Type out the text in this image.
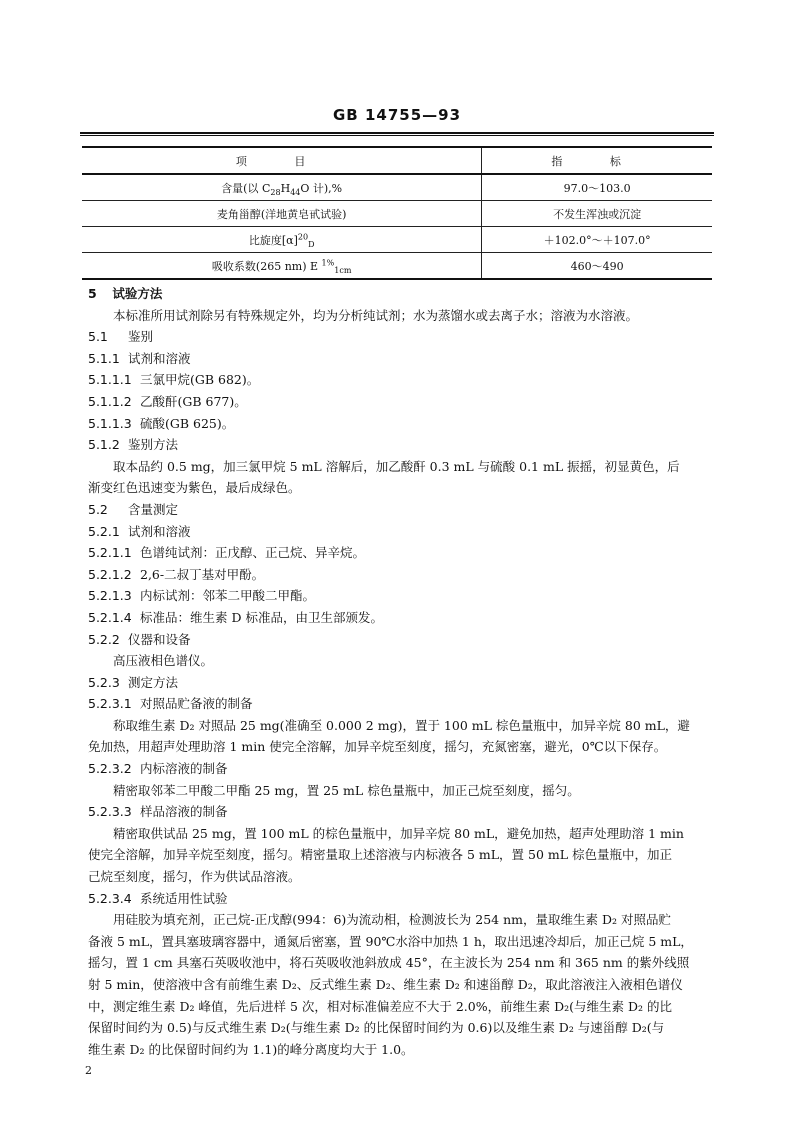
GB 14755—93
项 目	指 标
含量(以 $C_{28}H_{44}O$ 计),%	97.0～103.0
麦角甾醇(洋地黄皂甙试验)	不发生浑浊或沉淀
比旋度$[\alpha]^{20}_D$	＋102.0°～＋107.0°
吸收系数(265 nm) E $^{1\%}_{1cm}$	460～490
5 试验方法
本标准所用试剂除另有特殊规定外，均为分析纯试剂；水为蒸馏水或去离子水；溶液为水溶液。
5.1 鉴别
5.1.1 试剂和溶液
5.1.1.1 三氯甲烷(GB 682)。
5.1.1.2 乙酸酐(GB 677)。
5.1.1.3 硫酸(GB 625)。
5.1.2 鉴别方法
取本品约 0.5 mg，加三氯甲烷 5 mL 溶解后，加乙酸酐 0.3 mL 与硫酸 0.1 mL 振摇，初显黄色，后
渐变红色迅速变为紫色，最后成绿色。
5.2 含量测定
5.2.1 试剂和溶液
5.2.1.1 色谱纯试剂：正戊醇、正己烷、异辛烷。
5.2.1.2 2,6-二叔丁基对甲酚。
5.2.1.3 内标试剂：邻苯二甲酸二甲酯。
5.2.1.4 标准品：维生素 D 标准品，由卫生部颁发。
5.2.2 仪器和设备
高压液相色谱仪。
5.2.3 测定方法
5.2.3.1 对照品贮备液的制备
称取维生素 D₂ 对照品 25 mg(准确至 0.000 2 mg)，置于 100 mL 棕色量瓶中，加异辛烷 80 mL，避
免加热，用超声处理助溶 1 min 使完全溶解，加异辛烷至刻度，摇匀，充氮密塞，避光，0℃以下保存。
5.2.3.2 内标溶液的制备
精密取邻苯二甲酸二甲酯 25 mg，置 25 mL 棕色量瓶中，加正己烷至刻度，摇匀。
5.2.3.3 样品溶液的制备
精密取供试品 25 mg，置 100 mL 的棕色量瓶中，加异辛烷 80 mL，避免加热，超声处理助溶 1 min
使完全溶解，加异辛烷至刻度，摇匀。精密量取上述溶液与内标液各 5 mL，置 50 mL 棕色量瓶中，加正
己烷至刻度，摇匀，作为供试品溶液。
5.2.3.4 系统适用性试验
用硅胶为填充剂，正己烷-正戊醇(994：6)为流动相，检测波长为 254 nm，量取维生素 D₂ 对照品贮
备液 5 mL，置具塞玻璃容器中，通氮后密塞，置 90℃水浴中加热 1 h，取出迅速冷却后，加正己烷 5 mL，
摇匀，置 1 cm 具塞石英吸收池中，将石英吸收池斜放成 45°，在主波长为 254 nm 和 365 nm 的紫外线照
射 5 min，使溶液中含有前维生素 D₂、反式维生素 D₂、维生素 D₂ 和速甾醇 D₂，取此溶液注入液相色谱仪
中，测定维生素 D₂ 峰值，先后进样 5 次，相对标准偏差应不大于 2.0%，前维生素 D₂(与维生素 D₂ 的比
保留时间约为 0.5)与反式维生素 D₂(与维生素 D₂ 的比保留时间约为 0.6)以及维生素 D₂ 与速甾醇 D₂(与
维生素 D₂ 的比保留时间约为 1.1)的峰分离度均大于 1.0。
2
